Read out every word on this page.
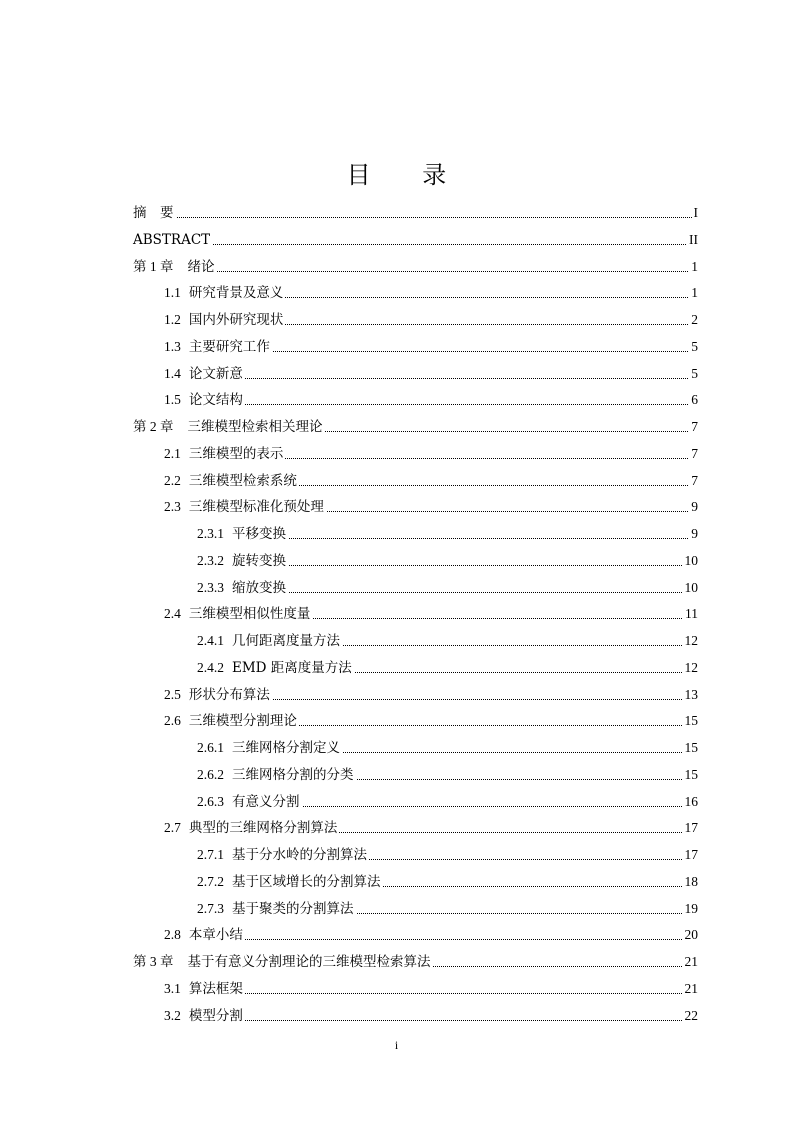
目 录
摘　要	I
ABSTRACT	II
第 1 章 绪论	1
1.1 研究背景及意义	1
1.2 国内外研究现状	2
1.3 主要研究工作	5
1.4 论文新意	5
1.5 论文结构	6
第 2 章 三维模型检索相关理论	7
2.1 三维模型的表示	7
2.2 三维模型检索系统	7
2.3 三维模型标准化预处理	9
2.3.1 平移变换	9
2.3.2 旋转变换	10
2.3.3 缩放变换	10
2.4 三维模型相似性度量	11
2.4.1 几何距离度量方法	12
2.4.2 EMD 距离度量方法	12
2.5 形状分布算法	13
2.6 三维模型分割理论	15
2.6.1 三维网格分割定义	15
2.6.2 三维网格分割的分类	15
2.6.3 有意义分割	16
2.7 典型的三维网格分割算法	17
2.7.1 基于分水岭的分割算法	17
2.7.2 基于区域增长的分割算法	18
2.7.3 基于聚类的分割算法	19
2.8 本章小结	20
第 3 章 基于有意义分割理论的三维模型检索算法	21
3.1 算法框架	21
3.2 模型分割	22
i
